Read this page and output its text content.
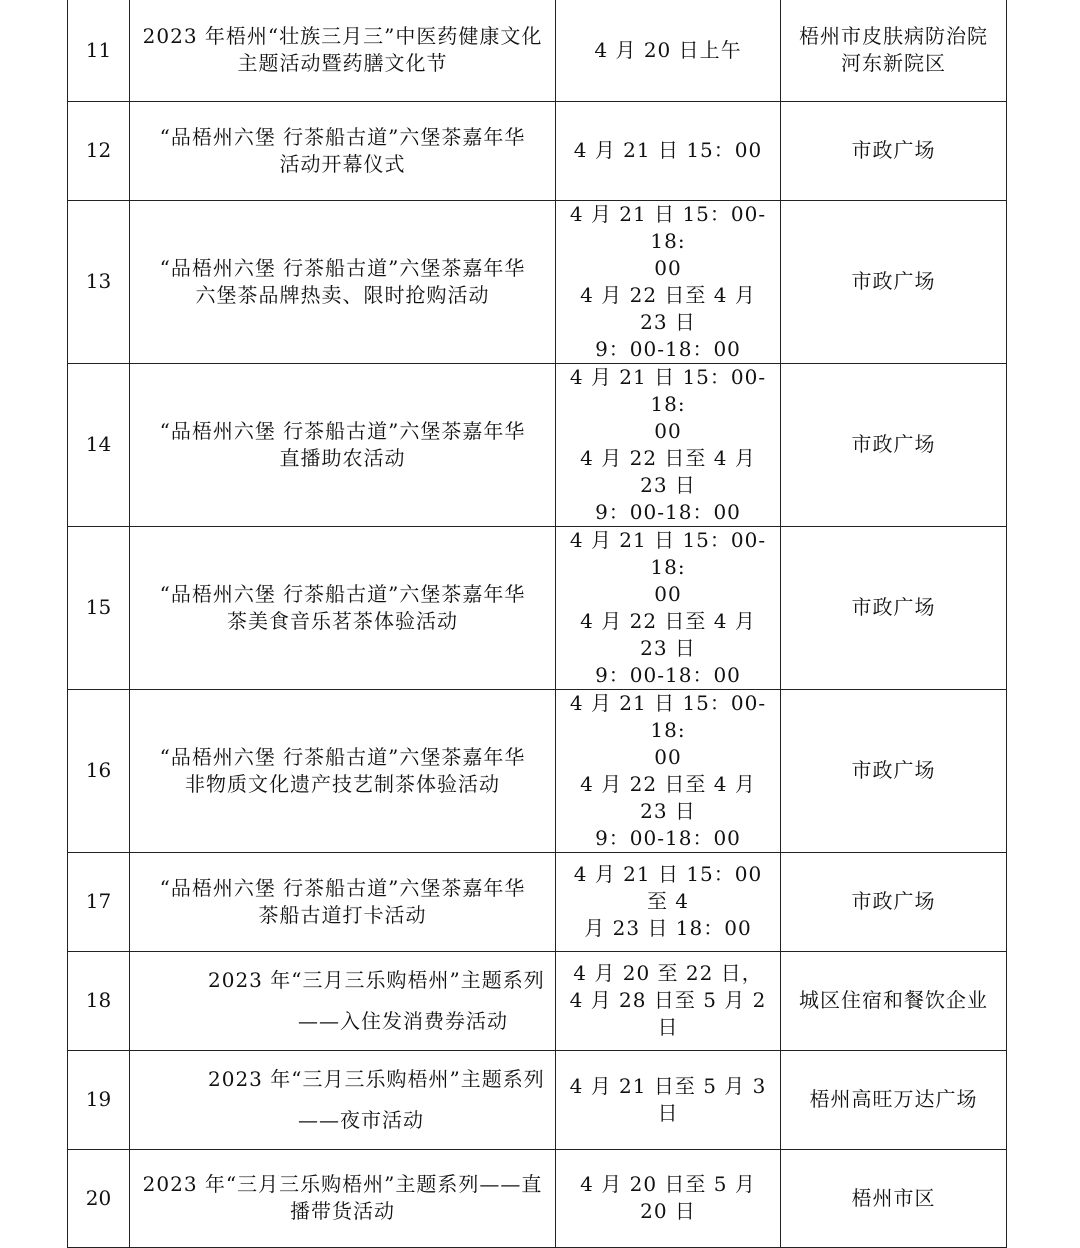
11	2023 年梧州“壮族三月三”中医药健康文化
主题活动暨药膳文化节	4 月 20 日上午	梧州市皮肤病防治院
河东新院区

12	“品梧州六堡 行茶船古道”六堡茶嘉年华
活动开幕仪式	4 月 21 日 15：00	市政广场

13	“品梧州六堡 行茶船古道”六堡茶嘉年华
六堡茶品牌热卖、限时抢购活动	4 月 21 日 15：00-18:
00
4 月 22 日至 4 月 23 日
9：00-18：00	市政广场

14	“品梧州六堡 行茶船古道”六堡茶嘉年华
直播助农活动	4 月 21 日 15：00-18:
00
4 月 22 日至 4 月 23 日
9：00-18：00	市政广场

15	“品梧州六堡 行茶船古道”六堡茶嘉年华
茶美食音乐茗茶体验活动	4 月 21 日 15：00-18:
00
4 月 22 日至 4 月 23 日
9：00-18：00	市政广场

16	“品梧州六堡 行茶船古道”六堡茶嘉年华
非物质文化遗产技艺制茶体验活动	4 月 21 日 15：00-18:
00
4 月 22 日至 4 月 23 日
9：00-18：00	市政广场

17	“品梧州六堡 行茶船古道”六堡茶嘉年华
茶船古道打卡活动	4 月 21 日 15：00 至 4
月 23 日 18：00	市政广场

18	2023 年“三月三乐购梧州”主题系列
——入住发消费券活动	4 月 20 至 22 日，
4 月 28 日至 5 月 2 日	城区住宿和餐饮企业

19	2023 年“三月三乐购梧州”主题系列
——夜市活动	4 月 21 日至 5 月 3 日	梧州高旺万达广场

20	2023 年“三月三乐购梧州”主题系列——直
播带货活动	4 月 20 日至 5 月 20 日	梧州市区
